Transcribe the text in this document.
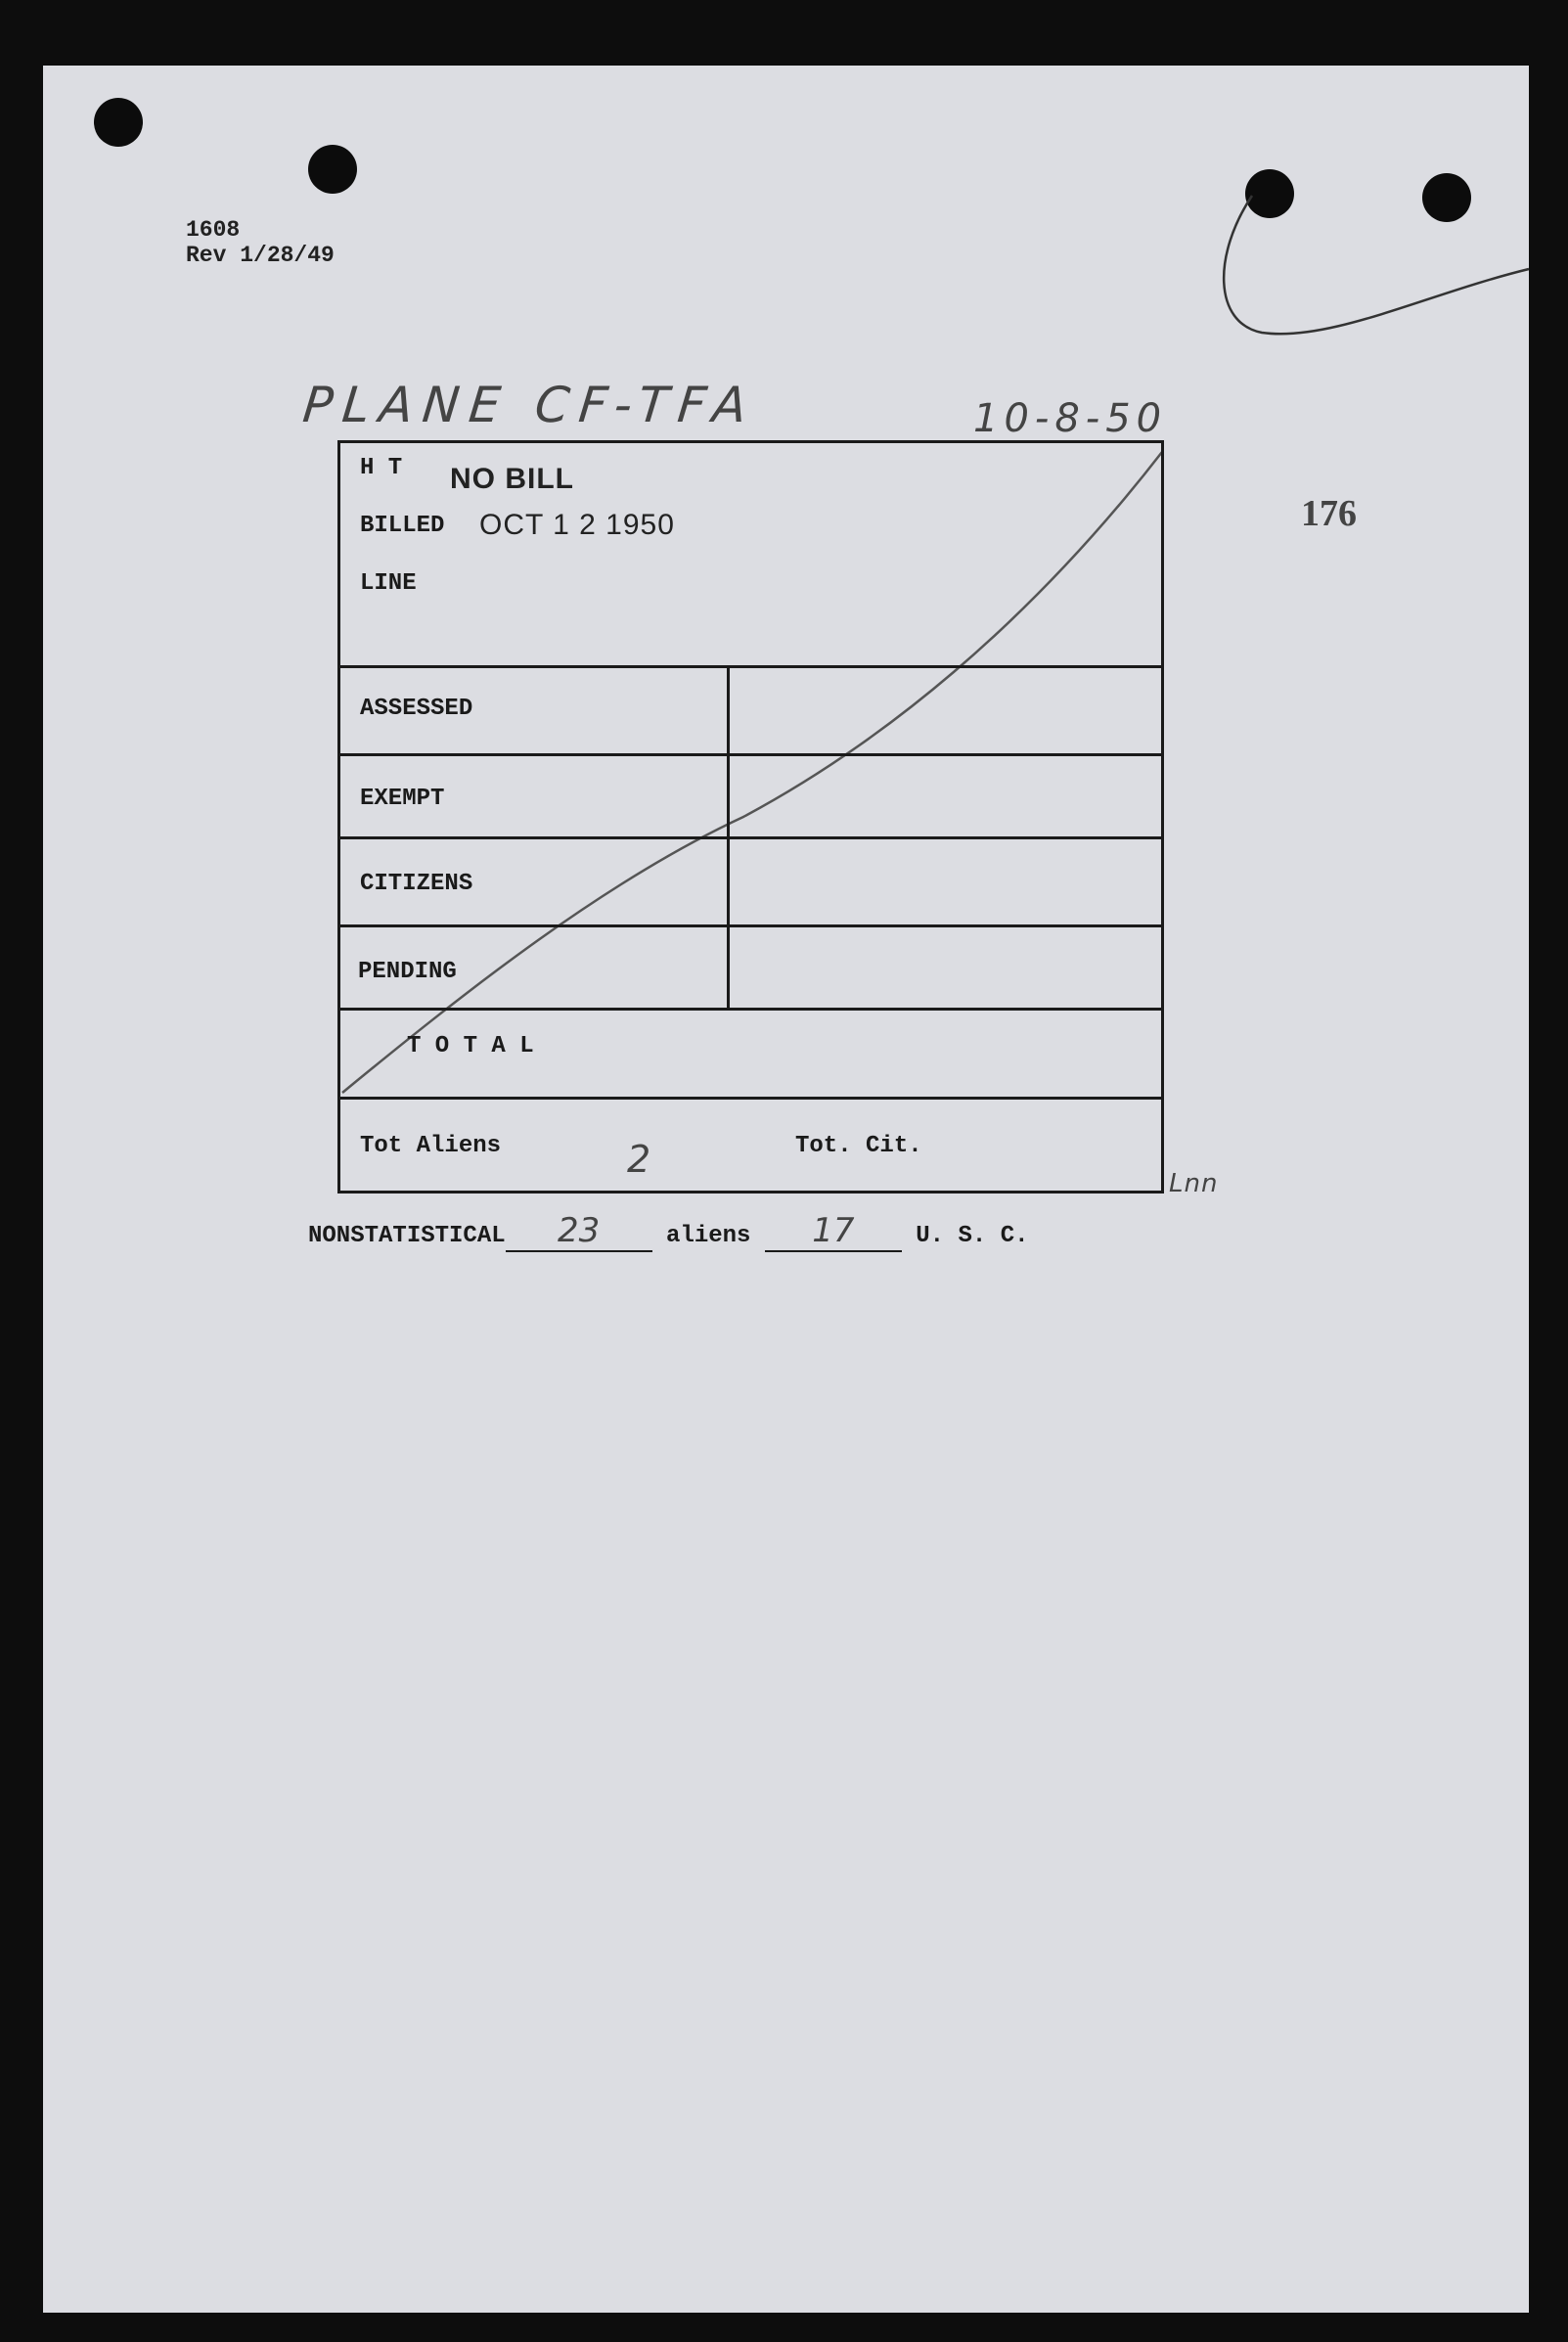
1608
Rev 1/28/49
PLANE CF-TFA	10-8-50
176
H T NO BILL
BILLED OCT 1 2 1950
LINE
ASSESSED
EXEMPT
CITIZENS
PENDING
T O T A L
Tot Aliens	2	Tot. Cit.
Lnn
NONSTATISTICAL 23	aliens 17	U. S. C.
